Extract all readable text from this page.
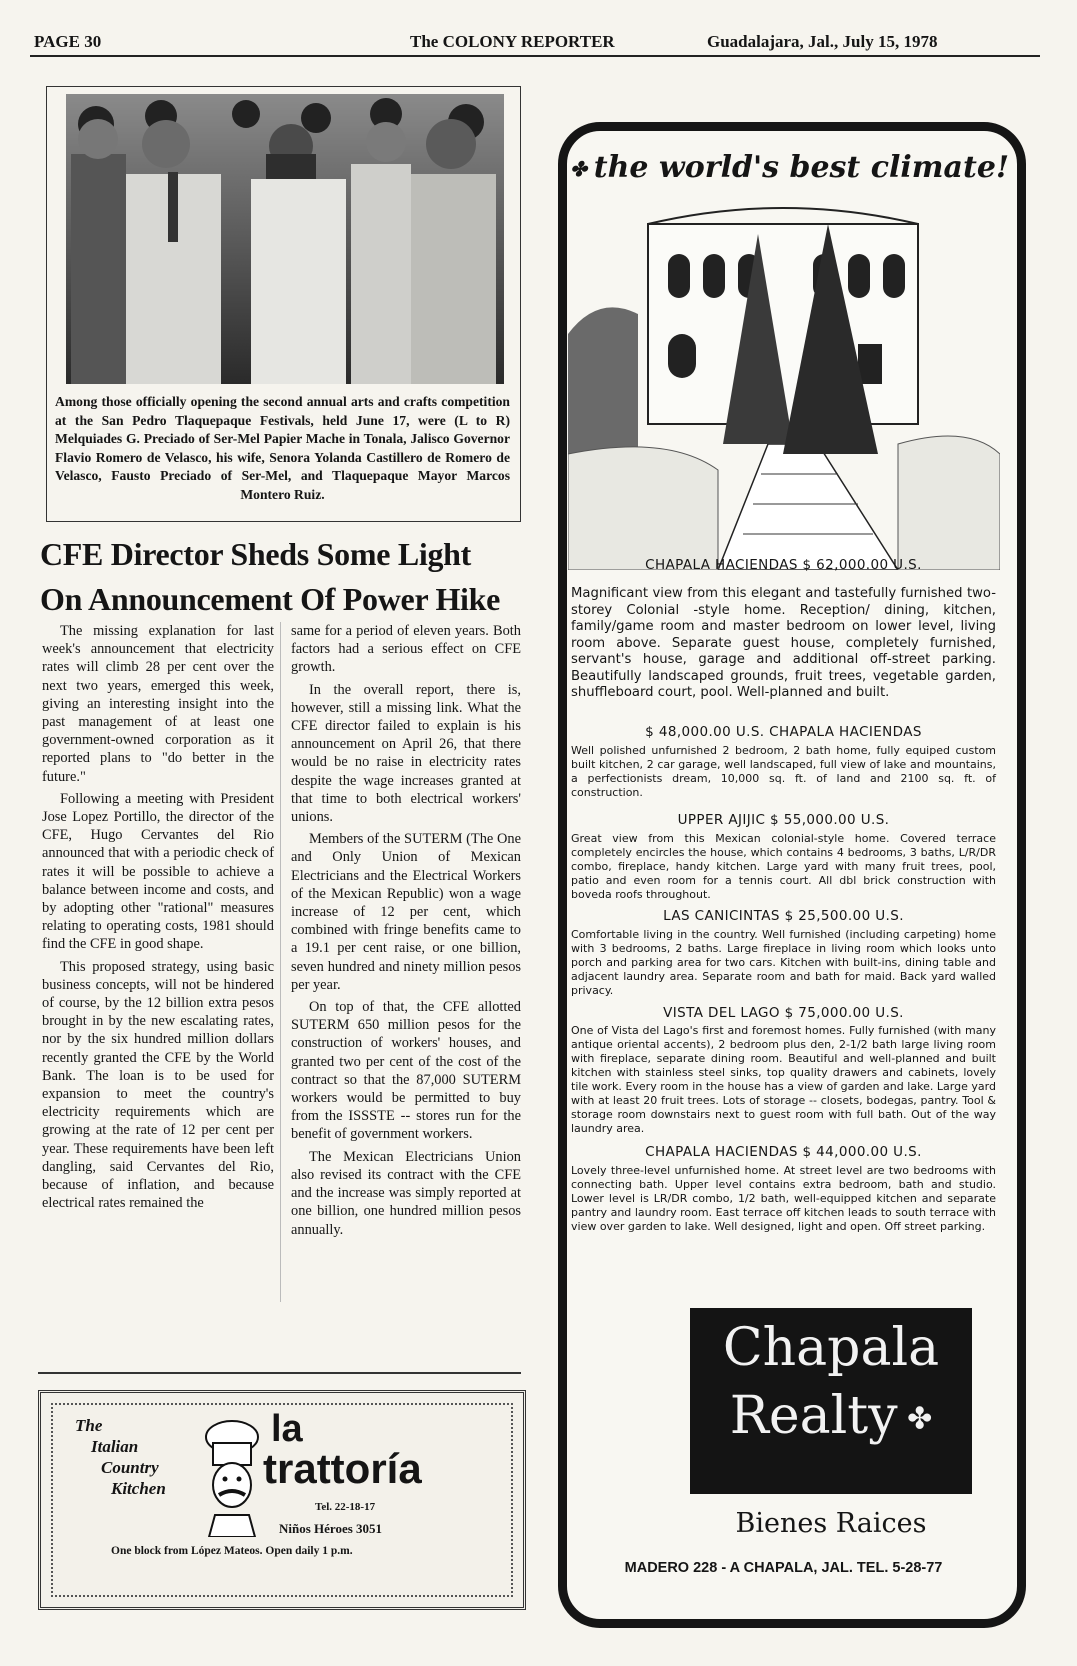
PAGE 30	The COLONY REPORTER	Guadalajara, Jal., July 15, 1978
Among those officially opening the second annual arts and crafts competition at the San Pedro Tlaquepaque Festivals, held June 17, were (L to R) Melquiades G. Preciado of Ser-Mel Papier Mache in Tonala, Jalisco Governor Flavio Romero de Velasco, his wife, Senora Yolanda Castillero de Romero de Velasco, Fausto Preciado of Ser-Mel, and Tlaquepaque Mayor Marcos Montero Ruiz.
CFE Director Sheds Some Light
On Announcement Of Power Hike

The missing explanation for last week's announcement that electricity rates will climb 28 per cent over the next two years, emerged this week, giving an interesting insight into the past management of at least one government-owned corporation as it reported plans to "do better in the future."

Following a meeting with President Jose Lopez Portillo, the director of the CFE, Hugo Cervantes del Rio announced that with a periodic check of rates it will be possible to achieve a balance between income and costs, and by adopting other "rational" measures relating to operating costs, 1981 should find the CFE in good shape.

This proposed strategy, using basic business concepts, will not be hindered of course, by the 12 billion extra pesos brought in by the new escalating rates, nor by the six hundred million dollars recently granted the CFE by the World Bank. The loan is to be used for expansion to meet the country's electricity requirements which are growing at the rate of 12 per cent per year. These requirements have been left dangling, said Cervantes del Rio, because of inflation, and because electrical rates remained the

same for a period of eleven years. Both factors had a serious effect on CFE growth.

In the overall report, there is, however, still a missing link. What the CFE director failed to explain is his announcement on April 26, that there would be no raise in electricity rates despite the wage increases granted at that time to both electrical workers' unions.

Members of the SUTERM (The One and Only Union of Mexican Electricians and the Electrical Workers of the Mexican Republic) won a wage increase of 12 per cent, which combined with fringe benefits came to a 19.1 per cent raise, or one billion, seven hundred and ninety million pesos per year.

On top of that, the CFE allotted SUTERM 650 million pesos for the construction of workers' houses, and granted two per cent of the cost of the contract so that the 87,000 SUTERM workers would be permitted to buy from the ISSSTE -- stores run for the benefit of government workers.

The Mexican Electricians Union also revised its contract with the CFE and the increase was simply reported at one billion, one hundred million pesos annually.

The
Italian
Country
Kitchen
la
trattoría
Tel. 22-18-17
Niños Héroes 3051
One block from López Mateos. Open daily 1 p.m.
✤ the world's best climate!
CHAPALA HACIENDAS $ 62,000.00 U.S.
Magnificant view from this elegant and tastefully furnished two-storey Colonial -style home. Reception/ dining, kitchen, family/game room and master bedroom on lower level, living room above. Separate guest house, completely furnished, servant's house, garage and additional off-street parking. Beautifully landscaped grounds, fruit trees, vegetable garden, shuffleboard court, pool. Well-planned and built.
$ 48,000.00 U.S. CHAPALA HACIENDAS
Well polished unfurnished 2 bedroom, 2 bath home, fully equiped custom built kitchen, 2 car garage, well landscaped, full view of lake and mountains, a perfectionists dream, 10,000 sq. ft. of land and 2100 sq. ft. of construction.
UPPER AJIJIC $ 55,000.00 U.S.
Great view from this Mexican colonial-style home. Covered terrace completely encircles the house, which contains 4 bedrooms, 3 baths, L/R/DR combo, fireplace, handy kitchen. Large yard with many fruit trees, pool, patio and even room for a tennis court. All dbl brick construction with boveda roofs throughout.
LAS CANICINTAS $ 25,500.00 U.S.
Comfortable living in the country. Well furnished (including carpeting) home with 3 bedrooms, 2 baths. Large fireplace in living room which looks unto porch and parking area for two cars. Kitchen with built-ins, dining table and adjacent laundry area. Separate room and bath for maid. Back yard walled privacy.
VISTA DEL LAGO $ 75,000.00 U.S.
One of Vista del Lago's first and foremost homes. Fully furnished (with many antique oriental accents), 2 bedroom plus den, 2-1/2 bath large living room with fireplace, separate dining room. Beautiful and well-planned and built kitchen with stainless steel sinks, top quality drawers and cabinets, lovely tile work. Every room in the house has a view of garden and lake. Large yard with at least 20 fruit trees. Lots of storage -- closets, bodegas, pantry. Tool & storage room downstairs next to guest room with full bath. Out of the way laundry area.
CHAPALA HACIENDAS $ 44,000.00 U.S.
Lovely three-level unfurnished home. At street level are two bedrooms with connecting bath. Upper level contains extra bedroom, bath and studio. Lower level is LR/DR combo, 1/2 bath, well-equipped kitchen and separate pantry and laundry room. East terrace off kitchen leads to south terrace with view over garden to lake. Well designed, light and open. Off street parking.
Chapala
Realty ✤
Bienes Raices
MADERO 228 - A CHAPALA, JAL. TEL. 5-28-77
